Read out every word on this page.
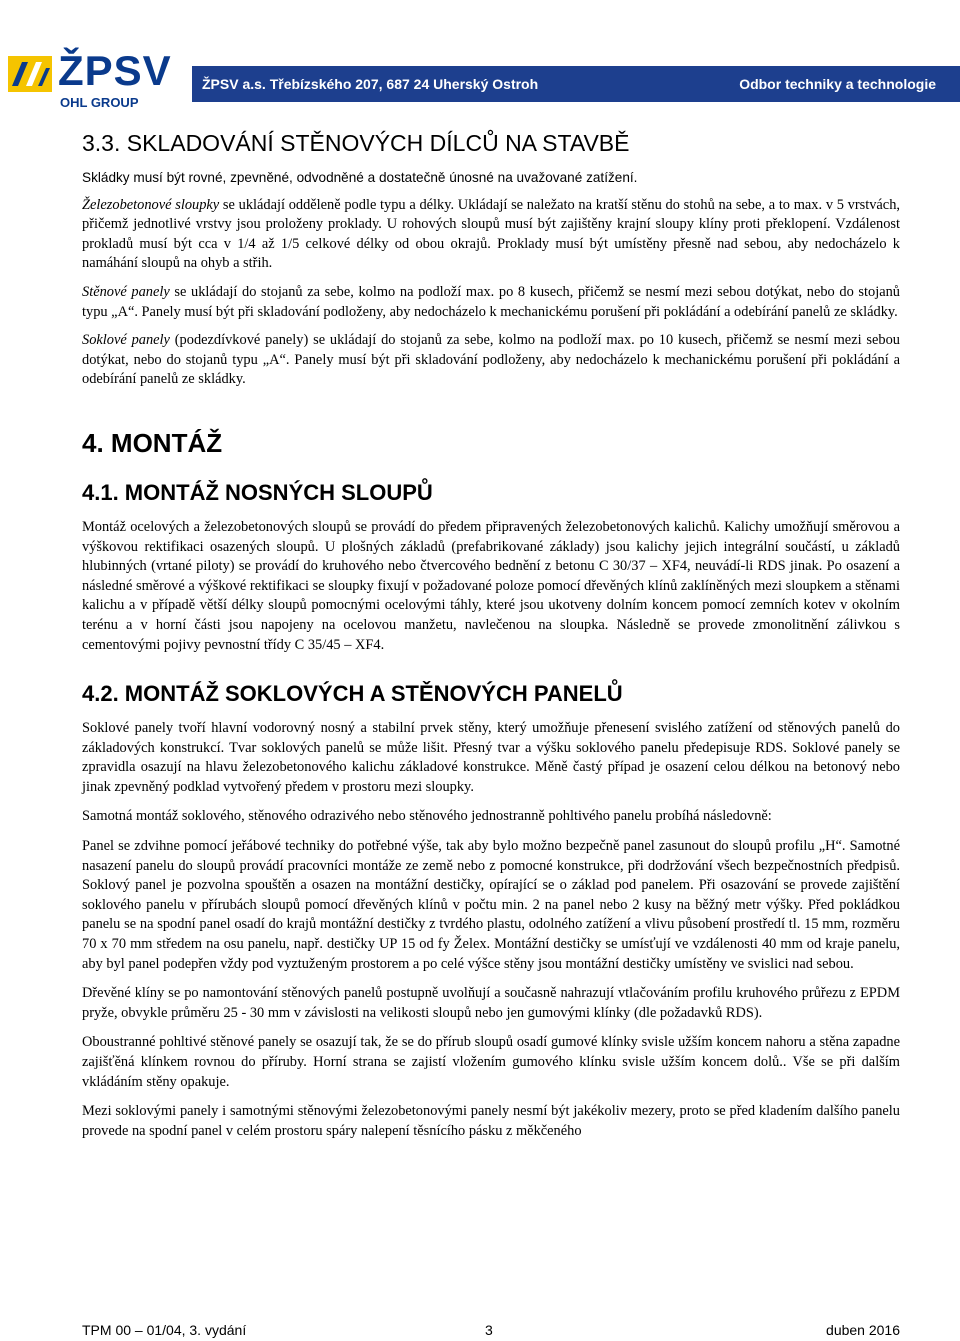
ŽPSV
OHL GROUP
ŽPSV a.s. Třebízského 207, 687 24 Uherský Ostroh	Odbor techniky a technologie
3.3. SKLADOVÁNÍ STĚNOVÝCH DÍLCŮ NA STAVBĚ

Skládky musí být rovné, zpevněné, odvodněné a dostatečně únosné na uvažované zatížení.

Železobetonové sloupky se ukládají odděleně podle typu a délky. Ukládají se naležato na kratší stěnu do stohů na sebe, a to max. v 5 vrstvách, přičemž jednotlivé vrstvy jsou proloženy proklady. U rohových sloupů musí být zajištěny krajní sloupy klíny proti překlopení. Vzdálenost prokladů musí být cca v 1/4 až 1/5 celkové délky od obou okrajů. Proklady musí být umístěny přesně nad sebou, aby nedocházelo k namáhání sloupů na ohyb a střih.

Stěnové panely se ukládají do stojanů za sebe, kolmo na podloží max. po 8 kusech, přičemž se nesmí mezi sebou dotýkat, nebo do stojanů typu „A“. Panely musí být při skladování podloženy, aby nedocházelo k mechanickému porušení při pokládání a odebírání panelů ze skládky.

Soklové panely (podezdívkové panely) se ukládají do stojanů za sebe, kolmo na podloží max. po 10 kusech, přičemž se nesmí mezi sebou dotýkat, nebo do stojanů typu „A“. Panely musí být při skladování podloženy, aby nedocházelo k mechanickému porušení při pokládání a odebírání panelů ze skládky.

4. MONTÁŽ
4.1. MONTÁŽ NOSNÝCH SLOUPŮ

Montáž ocelových a železobetonových sloupů se provádí do předem připravených železobetonových kalichů. Kalichy umožňují směrovou a výškovou rektifikaci osazených sloupů. U plošných základů (prefabrikované základy) jsou kalichy jejich integrální součástí, u základů hlubinných (vrtané piloty) se provádí do kruhového nebo čtvercového bednění z betonu C 30/37 – XF4, neuvádí-li RDS jinak. Po osazení a následné směrové a výškové rektifikaci se sloupky fixují v požadované poloze pomocí dřevěných klínů zaklíněných mezi sloupkem a stěnami kalichu a v případě větší délky sloupů pomocnými ocelovými táhly, které jsou ukotveny dolním koncem pomocí zemních kotev v okolním terénu a v horní části jsou napojeny na ocelovou manžetu, navlečenou na sloupka. Následně se provede zmonolitnění zálivkou s cementovými pojivy pevnostní třídy C 35/45 – XF4.

4.2. MONTÁŽ SOKLOVÝCH A STĚNOVÝCH PANELŮ

Soklové panely tvoří hlavní vodorovný nosný a stabilní prvek stěny, který umožňuje přenesení svislého zatížení od stěnových panelů do základových konstrukcí. Tvar soklových panelů se může lišit. Přesný tvar a výšku soklového panelu předepisuje RDS. Soklové panely se zpravidla osazují na hlavu železobetonového kalichu základové konstrukce. Měně častý případ je osazení celou délkou na betonový nebo jinak zpevněný podklad vytvořený předem v prostoru mezi sloupky.

Samotná montáž soklového, stěnového odrazivého nebo stěnového jednostranně pohltivého panelu probíhá následovně:

Panel se zdvihne pomocí jeřábové techniky do potřebné výše, tak aby bylo možno bezpečně panel zasunout do sloupů profilu „H“. Samotné nasazení panelu do sloupů provádí pracovníci montáže ze země nebo z pomocné konstrukce, při dodržování všech bezpečnostních předpisů. Soklový panel je pozvolna spouštěn a osazen na montážní destičky, opírající se o základ pod panelem. Při osazování se provede zajištění soklového panelu v přírubách sloupů pomocí dřevěných klínů v počtu min. 2 na panel nebo 2 kusy na běžný metr výšky. Před pokládkou panelu se na spodní panel osadí do krajů montážní destičky z tvrdého plastu, odolného zatížení a vlivu působení prostředí tl. 15 mm, rozměru 70 x 70 mm středem na osu panelu, např. destičky UP 15 od fy Želex. Montážní destičky se umísťují ve vzdálenosti 40 mm od kraje panelu, aby byl panel podepřen vždy pod vyztuženým prostorem a po celé výšce stěny jsou montážní destičky umístěny ve svislici nad sebou.

Dřevěné klíny se po namontování stěnových panelů postupně uvolňují a současně nahrazují vtlačováním profilu kruhového průřezu z EPDM pryže, obvykle průměru 25 - 30 mm v závislosti na velikosti sloupů nebo jen gumovými klínky (dle požadavků RDS).

Oboustranné pohltivé stěnové panely se osazují tak, že se do přírub sloupů osadí gumové klínky svisle užším koncem nahoru a stěna zapadne zajišťěná klínkem rovnou do příruby. Horní strana se zajistí vložením gumového klínku svisle užším koncem dolů.. Vše se při dalším vkládáním stěny opakuje.

Mezi soklovými panely i samotnými stěnovými železobetonovými panely nesmí být jakékoliv mezery, proto se před kladením dalšího panelu provede na spodní panel v celém prostoru spáry nalepení těsnícího pásku z měkčeného

TPM 00 – 01/04, 3. vydání	3	duben 2016
